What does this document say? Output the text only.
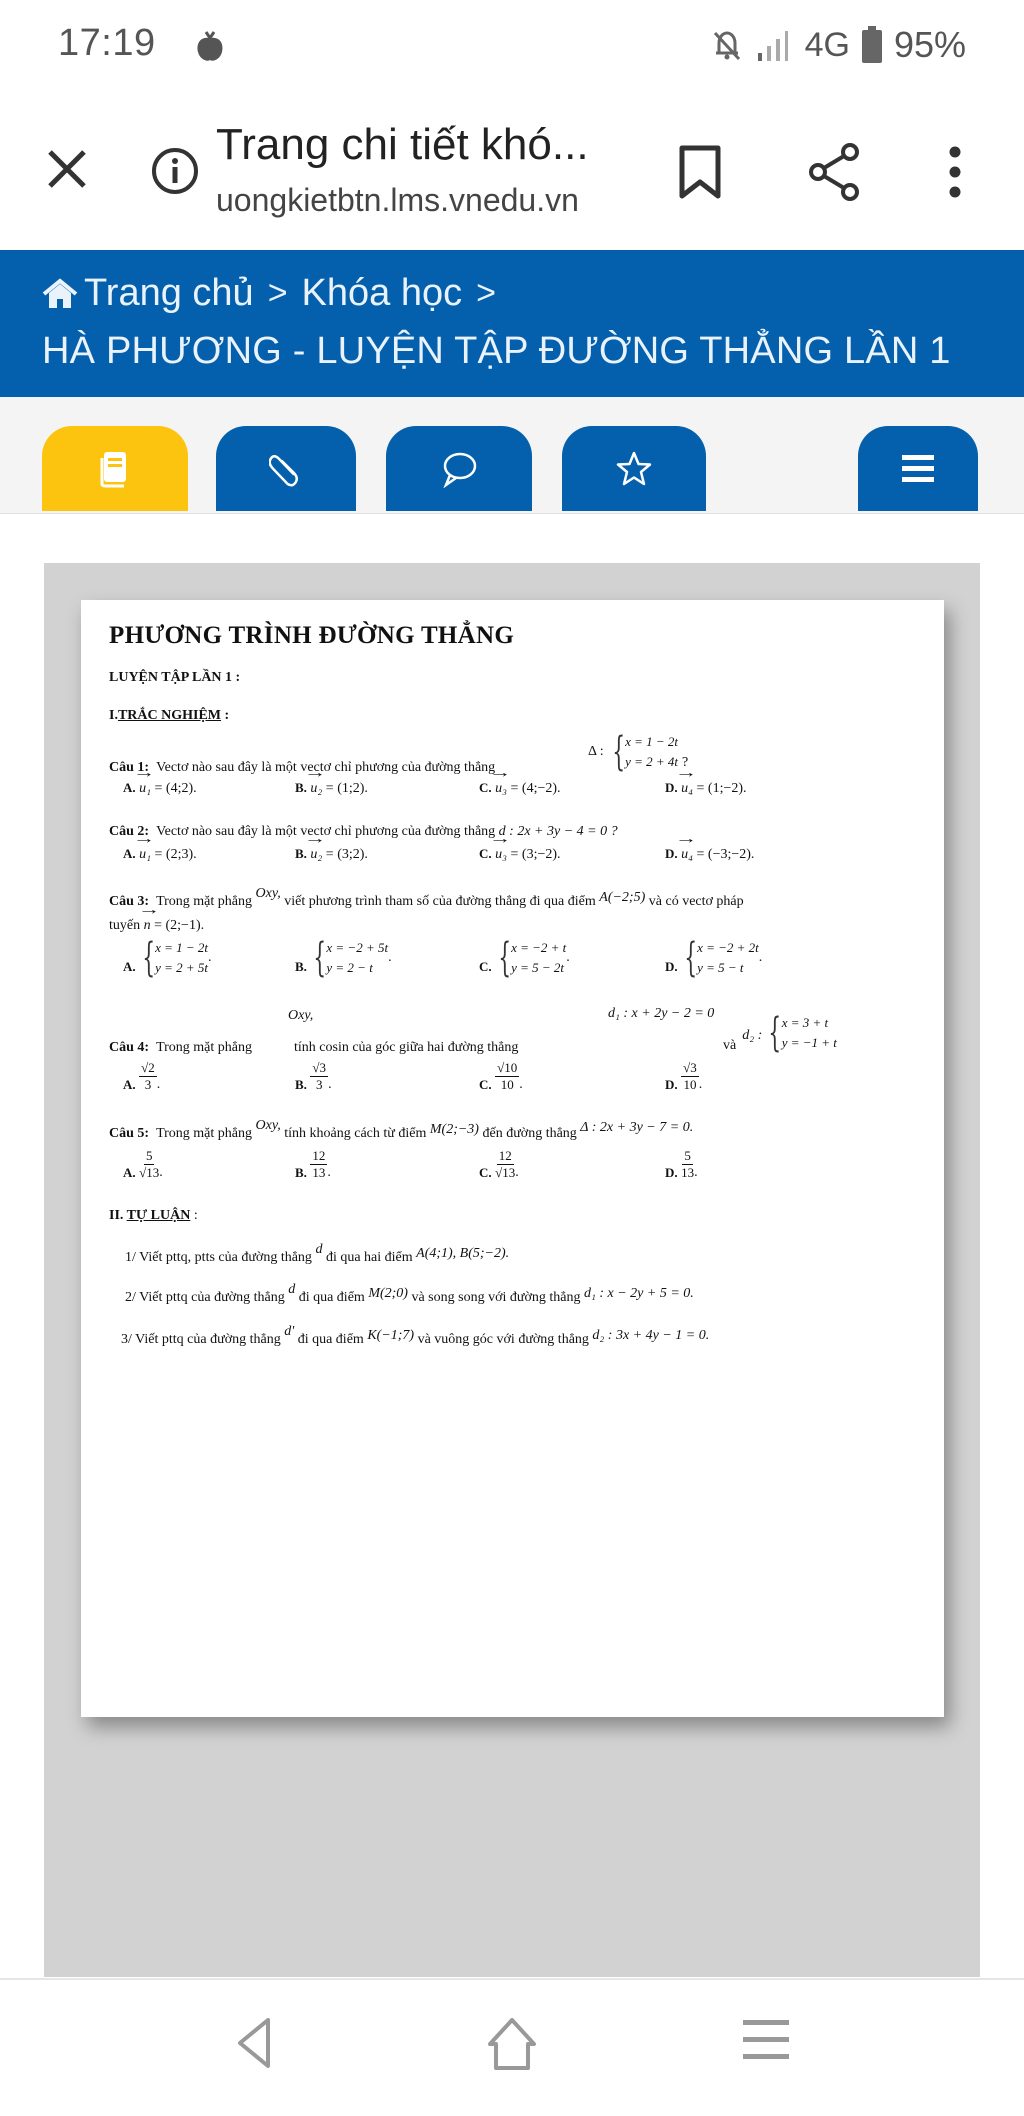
17:19	4G 95%
Trang chi tiết khó...
uongkietbtn.lms.vnedu.vn
Trang chủ > Khóa học >
HÀ PHƯƠNG - LUYỆN TẬP ĐƯỜNG THẲNG LẦN 1
PHƯƠNG TRÌNH ĐƯỜNG THẲNG
LUYỆN TẬP LẦN 1 :
I.TRẮC NGHIỆM :
Δ : { x = 1 − 2t
y = 2 + 4t ?
Câu 1: Vectơ nào sau đây là một vectơ chỉ phương của đường thẳng
A. → u₁ = (4;2).	B. → u₂ = (1;2).	C. → u₃ = (4;−2).	D. → u₄ = (1;−2).
Câu 2: Vectơ nào sau đây là một vectơ chỉ phương của đường thẳng d : 2x + 3y − 4 = 0 ?
A. → u₁ = (2;3).	B. → u₂ = (3;2).	C. → u₃ = (3;−2).	D. → u₄ = (−3;−2).
Câu 3: Trong mặt phẳng Oxy, viết phương trình tham số của đường thẳng đi qua điểm A(−2;5) và có vectơ pháp
tuyến → n = (2;−1).
A. { x = 1 − 2t
y = 2 + 5t
.
B. { x = −2 + 5t
y = 2 − t
.
C. { x = −2 + t
y = 5 − 2t
.
D. { x = −2 + 2t
y = 5 − t
.
Oxy,	d₁ : x + 2y − 2 = 0
Câu 4: Trong mặt phẳng	tính cosin của góc giữa hai đường thẳng	và
d₂ : { x = 3 + t
y = −1 + t
A.
$\frac{√2}{3}$ .	B.
$\frac{√3}{3}$ .	C.
$\frac{√10}{10}$ .	D.
$\frac{√3}{10}$ .
Câu 5: Trong mặt phẳng Oxy, tính khoảng cách từ điểm M(2;−3) đến đường thẳng Δ : 2x + 3y − 7 = 0.
A.
$\frac{5}{√13}$ .	B.
$\frac{12}{13}$ .	C.
$\frac{12}{√13}$ .	D.
$\frac{5}{13}$ .
II. TỰ LUẬN :
1/ Viết pttq, ptts của đường thẳng d đi qua hai điểm A(4;1), B(5;−2).
2/ Viết pttq của đường thẳng d đi qua điểm M(2;0) và song song với đường thẳng d₁ : x − 2y + 5 = 0.
3/ Viết pttq của đường thẳng d' đi qua điểm K(−1;7) và vuông góc với đường thẳng d₂ : 3x + 4y − 1 = 0.
